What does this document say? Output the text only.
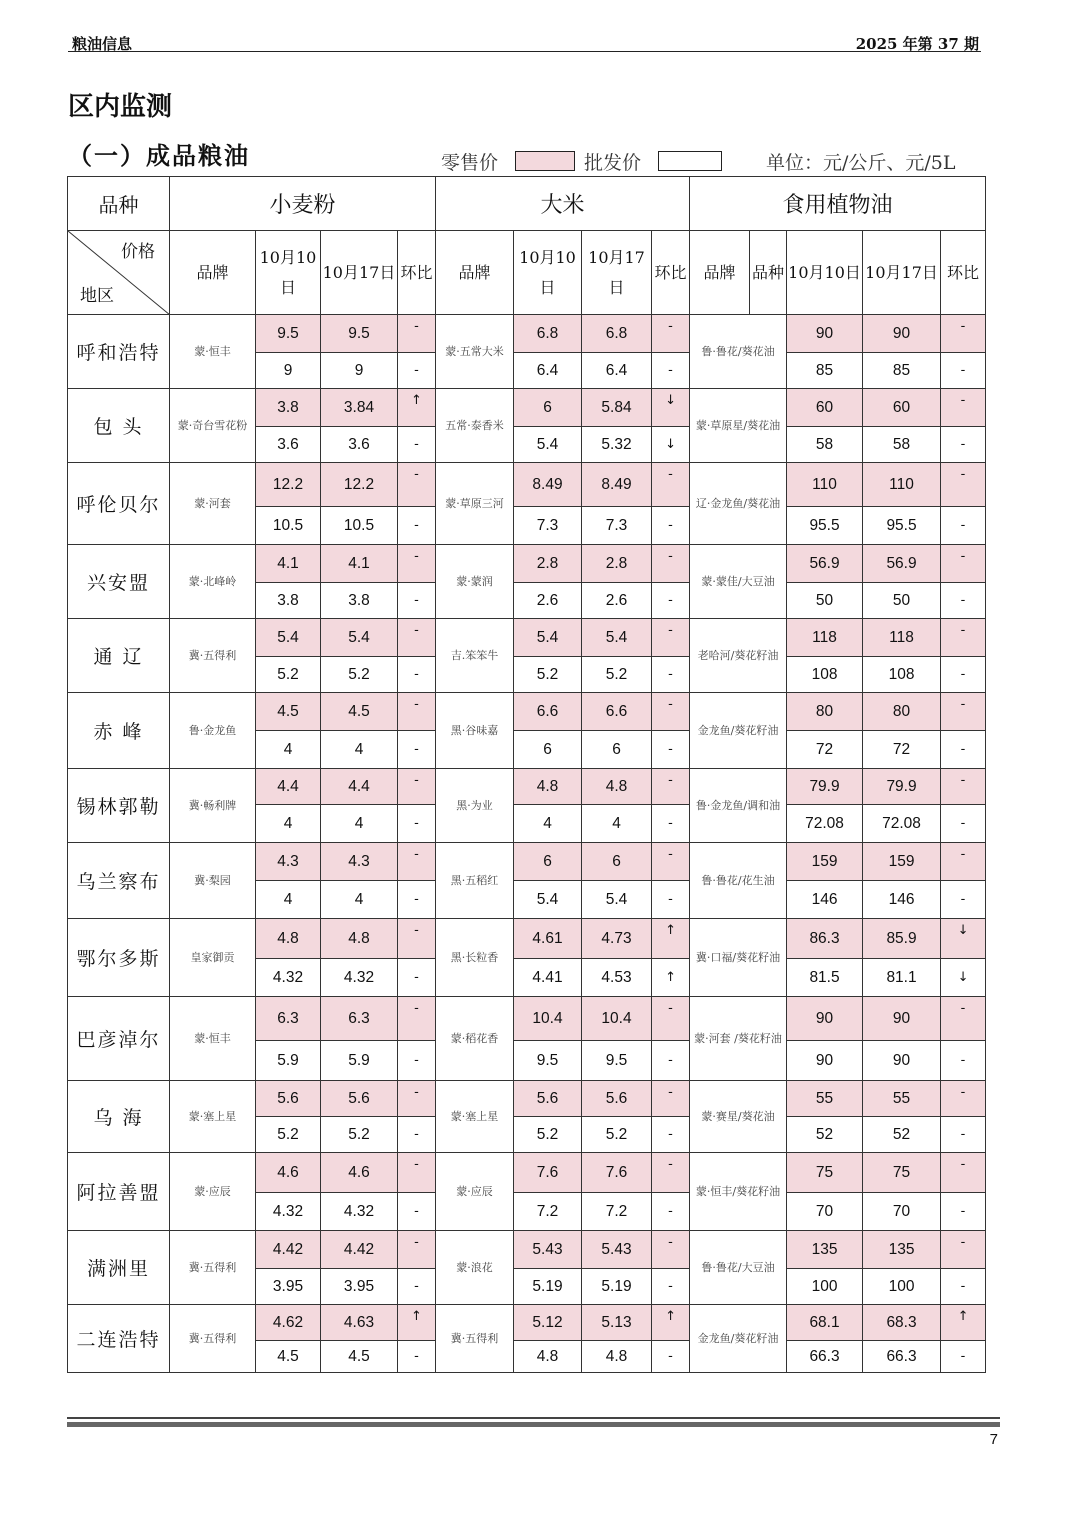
粮油信息	2025 年第 37 期
区内监测
（一）成品粮油	零售价	批发价	单位：元/公斤、元/5L
品种	小麦粉				大米				食用植物油				

价格
地区	品牌	10月10日	10月17日	环比	品牌	10月10日	10月17日	环比	品牌	品种	10月10日	10月17日	环比
呼和浩特	蒙·恒丰	9.5	9.5	-	蒙·五常大米	6.8	6.8	-	鲁·鲁花/葵花油		90	90	-
		9	9	-		6.4	6.4	-			85	85	-
包 头	蒙·奇台雪花粉	3.8	3.84	↑	五常·泰香米	6	5.84	↓	蒙·草原星/葵花油		60	60	-
		3.6	3.6	-		5.4	5.32	↓			58	58	-
呼伦贝尔	蒙·河套	12.2	12.2	-	蒙·草原三河	8.49	8.49	-	辽·金龙鱼/葵花油		110	110	-
		10.5	10.5	-		7.3	7.3	-			95.5	95.5	-
兴安盟	蒙·北峰岭	4.1	4.1	-	蒙·蒙润	2.8	2.8	-	蒙·蒙佳/大豆油		56.9	56.9	-
		3.8	3.8	-		2.6	2.6	-			50	50	-
通 辽	冀·五得利	5.4	5.4	-	吉.笨笨牛	5.4	5.4	-	老哈河/葵花籽油		118	118	-
		5.2	5.2	-		5.2	5.2	-			108	108	-
赤 峰	鲁·金龙鱼	4.5	4.5	-	黑·谷味嘉	6.6	6.6	-	金龙鱼/葵花籽油		80	80	-
		4	4	-		6	6	-			72	72	-
锡林郭勒	冀·畅利牌	4.4	4.4	-	黑·为业	4.8	4.8	-	鲁·金龙鱼/调和油		79.9	79.9	-
		4	4	-		4	4	-			72.08	72.08	-
乌兰察布	冀·梨园	4.3	4.3	-	黑·五稻红	6	6	-	鲁·鲁花/花生油		159	159	-
		4	4	-		5.4	5.4	-			146	146	-
鄂尔多斯	皇家御贡	4.8	4.8	-	黑·长粒香	4.61	4.73	↑	冀·口福/葵花籽油		86.3	85.9	↓
		4.32	4.32	-		4.41	4.53	↑			81.5	81.1	↓
巴彦淖尔	蒙·恒丰	6.3	6.3	-	蒙·稻花香	10.4	10.4	-	蒙·河套 /葵花籽油		90	90	-
		5.9	5.9	-		9.5	9.5	-			90	90	-
乌 海	蒙·塞上星	5.6	5.6	-	蒙·塞上星	5.6	5.6	-	蒙·赛星/葵花油		55	55	-
		5.2	5.2	-		5.2	5.2	-			52	52	-
阿拉善盟	蒙·应辰	4.6	4.6	-	蒙·应辰	7.6	7.6	-	蒙·恒丰/葵花籽油		75	75	-
		4.32	4.32	-		7.2	7.2	-			70	70	-
满洲里	冀·五得利	4.42	4.42	-	蒙·浪花	5.43	5.43	-	鲁·鲁花/大豆油		135	135	-
		3.95	3.95	-		5.19	5.19	-			100	100	-
二连浩特	冀·五得利	4.62	4.63	↑	冀·五得利	5.12	5.13	↑	金龙鱼/葵花籽油		68.1	68.3	↑
		4.5	4.5	-		4.8	4.8	-			66.3	66.3	-
7
